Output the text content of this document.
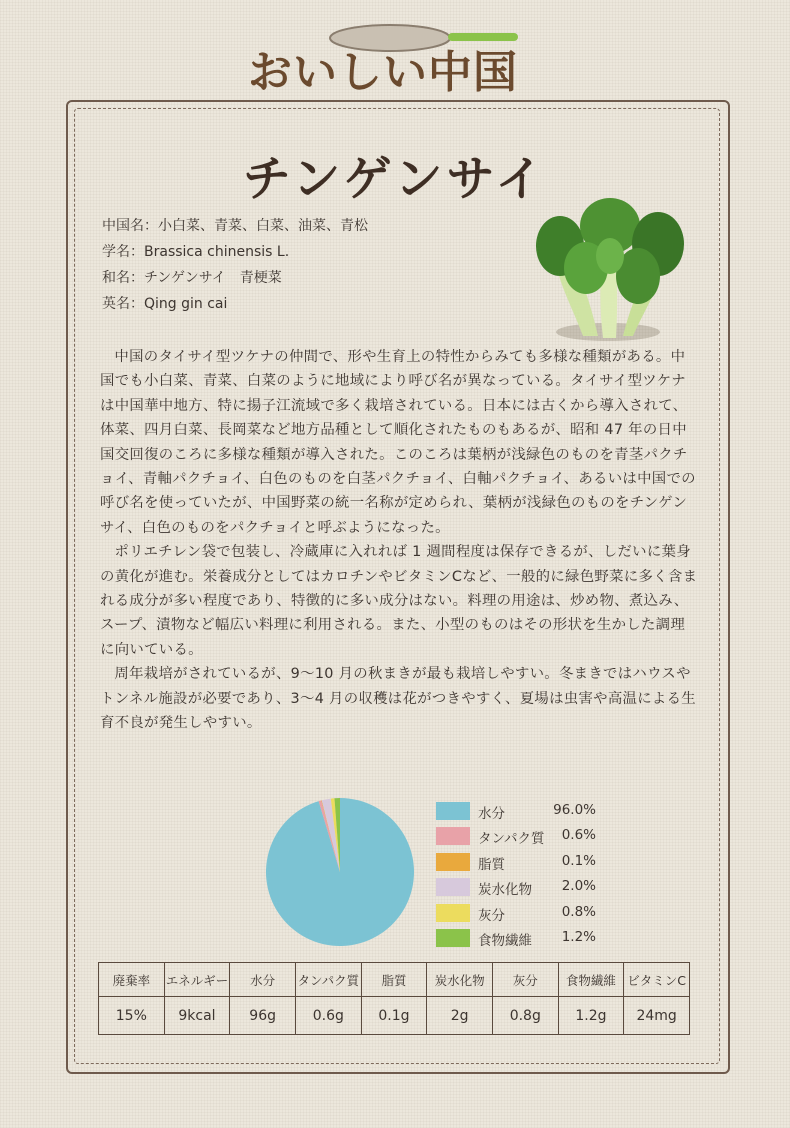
おいしい中国
チンゲンサイ
中国名：小白菜、青菜、白菜、油菜、青松
学名：Brassica chinensis L.
和名：チンゲンサイ　青梗菜
英名：Qing gin cai

中国のタイサイ型ツケナの仲間で、形や生育上の特性からみても多様な種類がある。中国でも小白菜、青菜、白菜のように地域により呼び名が異なっている。タイサイ型ツケナは中国華中地方、特に揚子江流域で多く栽培されている。日本には古くから導入されて、体菜、四月白菜、長岡菜など地方品種として順化されたものもあるが、昭和 47 年の日中国交回復のころに多様な種類が導入された。このころは葉柄が浅緑色のものを青茎パクチョイ、青軸パクチョイ、白色のものを白茎パクチョイ、白軸パクチョイ、あるいは中国での呼び名を使っていたが、中国野菜の統一名称が定められ、葉柄が浅緑色のものをチンゲンサイ、白色のものをパクチョイと呼ぶようになった。

ポリエチレン袋で包装し、冷蔵庫に入れれば 1 週間程度は保存できるが、しだいに葉身の黄化が進む。栄養成分としてはカロチンやビタミンCなど、一般的に緑色野菜に多く含まれる成分が多い程度であり、特徴的に多い成分はない。料理の用途は、炒め物、煮込み、スープ、漬物など幅広い料理に利用される。また、小型のものはその形状を生かした調理に向いている。

周年栽培がされているが、9～10 月の秋まきが最も栽培しやすい。冬まきではハウスやトンネル施設が必要であり、3～4 月の収穫は花がつきやすく、夏場は虫害や高温による生育不良が発生しやすい。

水分	96.0%
タンパク質 0.6%
脂質	0.1%
炭水化物 2.0%
灰分	0.8%
食物繊維 1.2%
廃棄率	エネルギー	水分	タンパク質	脂質	炭水化物	灰分	食物繊維	ビタミンC
15%	9kcal	96g	0.6g	0.1g	2g	0.8g	1.2g	24mg
